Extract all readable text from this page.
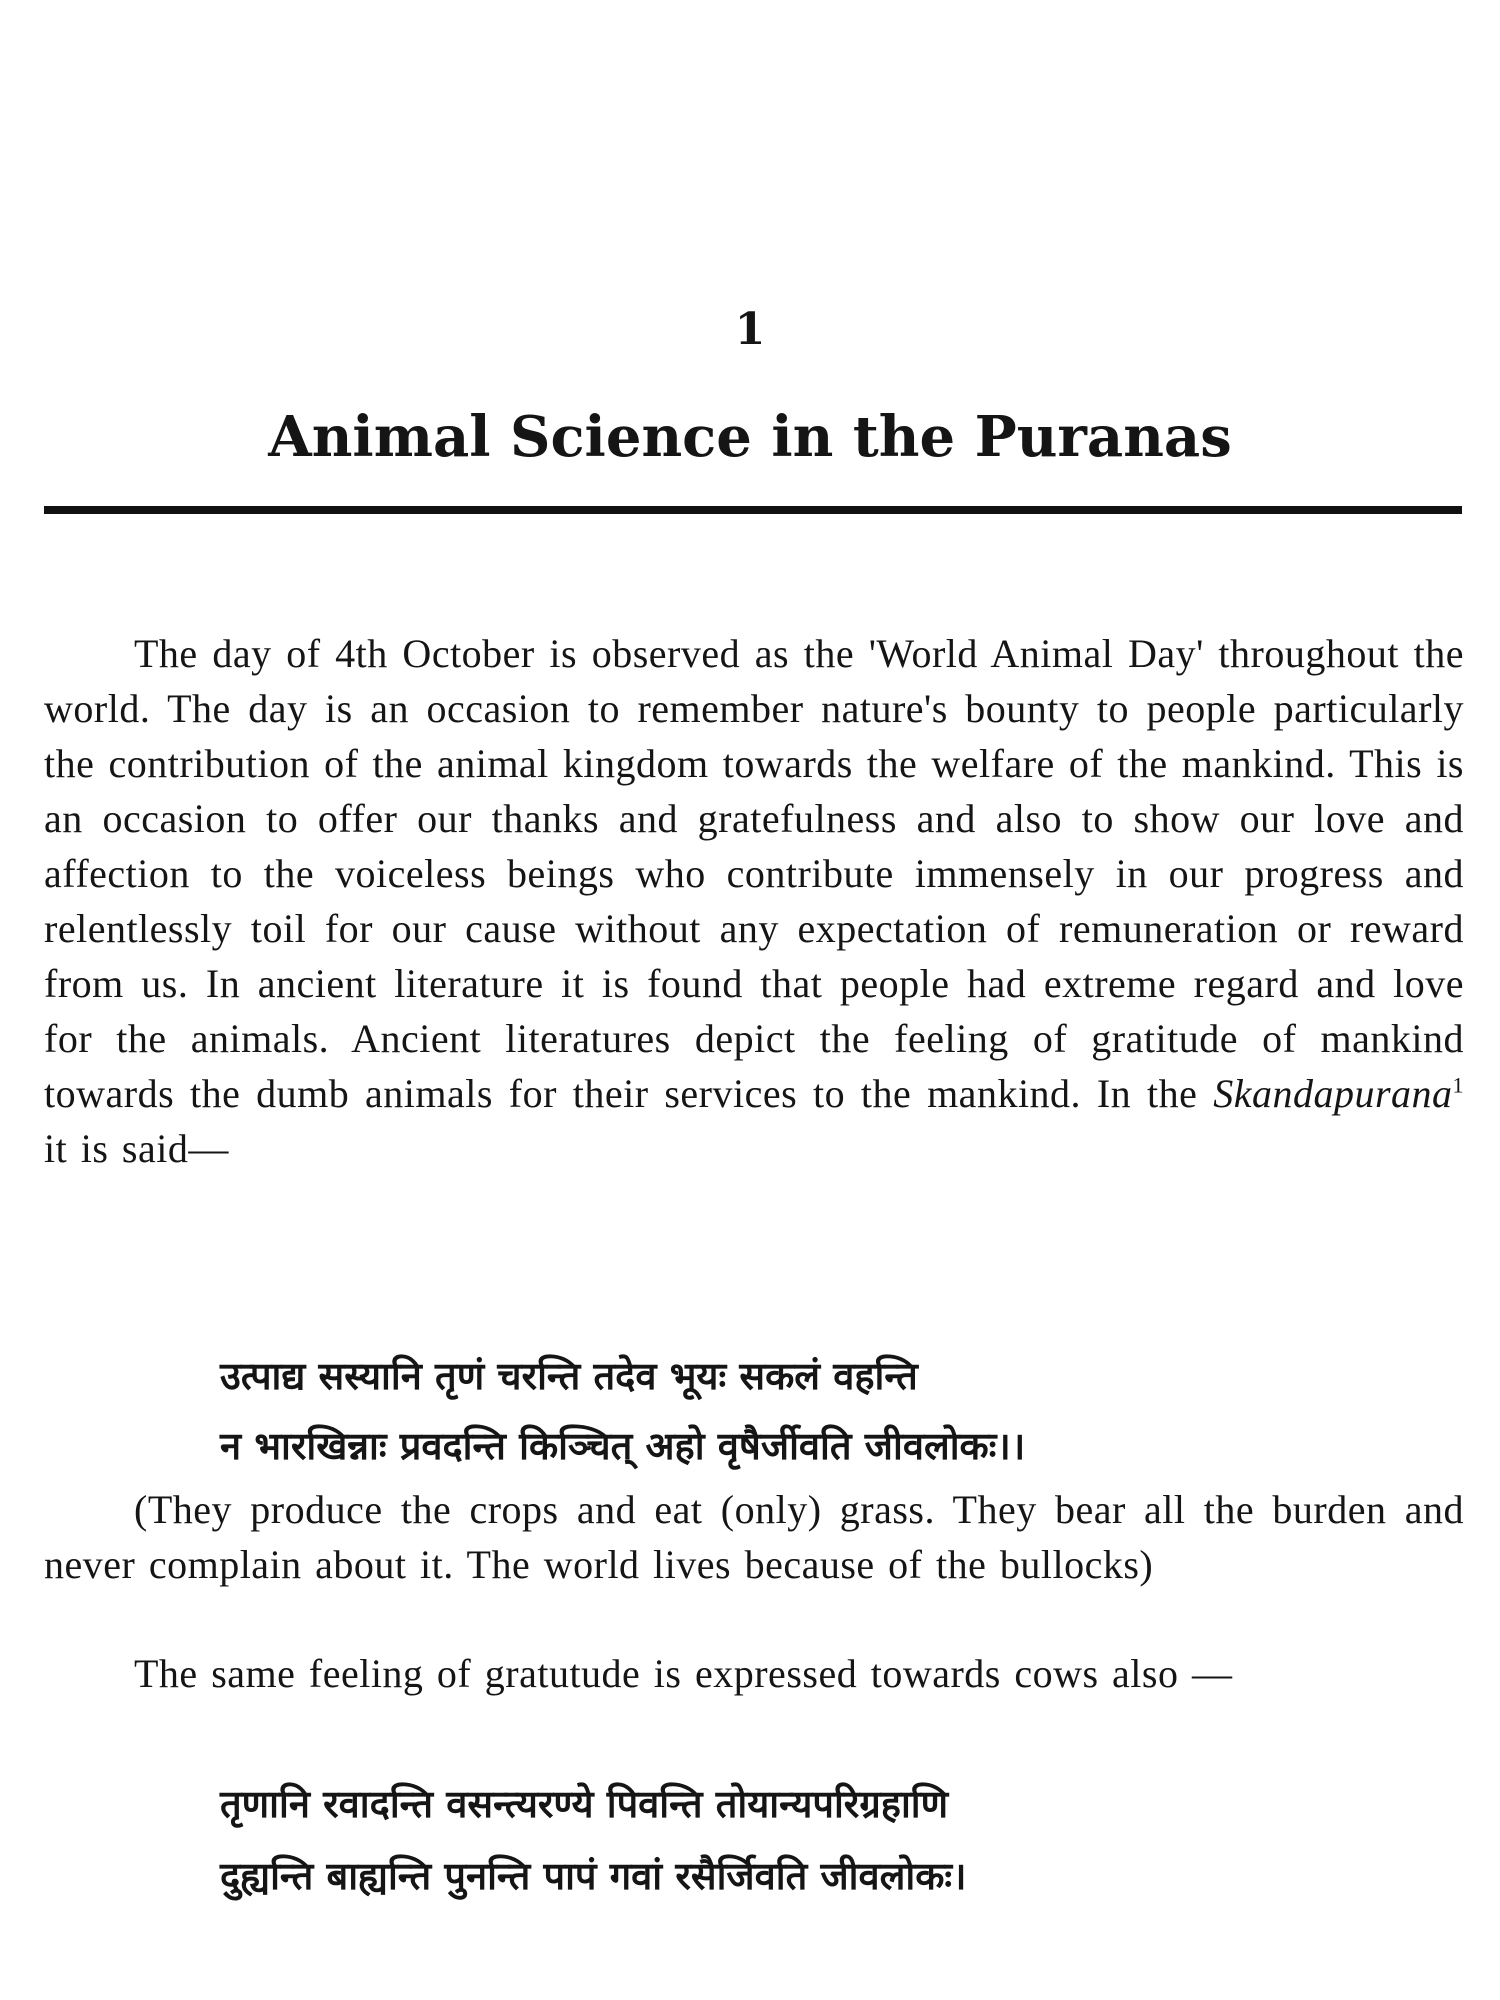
1
Animal Science in the Puranas

The day of 4th October is observed as the 'World Animal Day' throughout the world. The day is an occasion to remember nature's bounty to people particularly the contribution of the animal kingdom towards the welfare of the mankind. This is an occasion to offer our thanks and gratefulness and also to show our love and affection to the voiceless beings who contribute immensely in our progress and relentlessly toil for our cause without any expectation of remuneration or reward from us. In ancient literature it is found that people had extreme regard and love for the animals. Ancient literatures depict the feeling of gratitude of mankind towards the dumb animals for their services to the mankind. In the Skandapurana$^1$ it is said—

उत्पाद्य सस्यानि तृणं चरन्ति तदेव भूयः सकलं वहन्ति

न भारखिन्नाः प्रवदन्ति किञ्चित् अहो वृषैर्जीवति जीवलोकः।।

(They produce the crops and eat (only) grass. They bear all the burden and never complain about it. The world lives because of the bullocks)

The same feeling of gratutude is expressed towards cows also —

तृणानि रवादन्ति वसन्त्यरण्ये पिवन्ति तोयान्यपरिग्रहाणि

दुह्यन्ति बाह्यन्ति पुनन्ति पापं गवां रसैर्जिवति जीवलोकः।
